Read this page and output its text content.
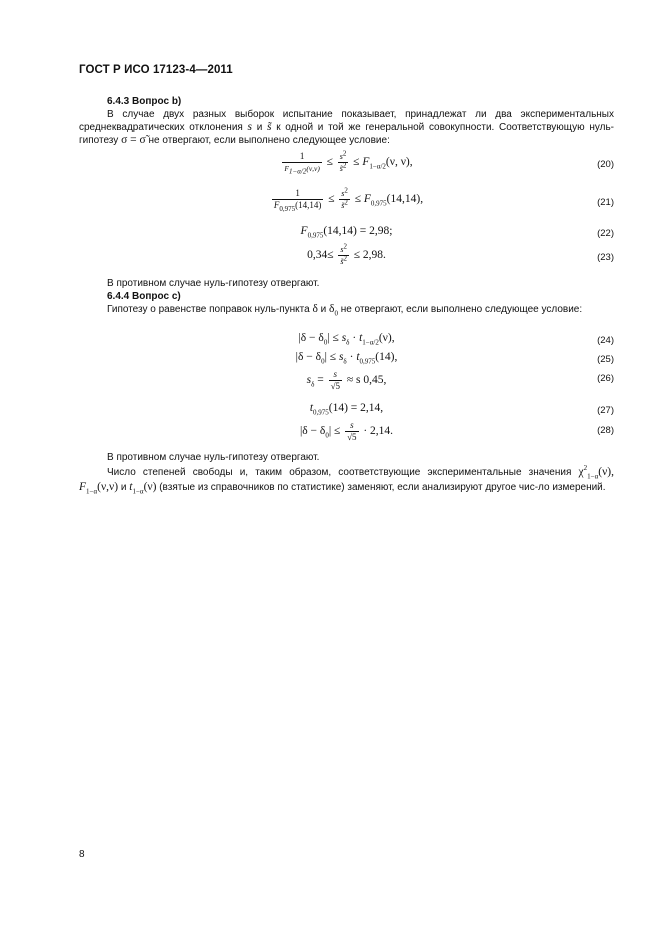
ГОСТ Р ИСО 17123-4—2011
6.4.3 Вопрос b)
В случае двух разных выборок испытание показывает, принадлежат ли два экспериментальных среднеквадратических отклонения s и s̃ к одной и той же генеральной совокупности. Соответствующую нуль-гипотезу σ = σ̃ не отвергают, если выполнено следующее условие:
$\frac{1}{F_{1-\alpha/2}(\nu,\nu)} \le \frac{s^2}{s̃^2} \le F_{1-\alpha/2}(\nu$, ν),	(20)
$\frac{1}{F_{0,975}(14,14)} \le \frac{s^2}{s̃^2} \le F_{0,975}(14,14)$,	(21)
$F_{0,975}(14,14) = 2,98$;	(22)
$0,34\le \frac{s^2}{s̃^2} \le 2,98$.	(23)
В противном случае нуль-гипотезу отвергают.
6.4.4 Вопрос c)
Гипотезу о равенстве поправок нуль-пункта δ и $\delta_0$ не отвергают, если выполнено следующее условие:
$|\delta - \delta_0| \le s_\delta \cdot t_{1-\alpha/2}(\nu)$,	(24)
$|\delta - \delta_0| \le s_\delta \cdot t_{0,975}(14)$,	(25)
$s_\delta = \frac{s}{√5} \approx s$ 0,45,	(26)
$t_{0,975}(14) = 2,14$,	(27)
$|\delta - \delta_0| \le \frac{s}{√5} \cdot 2,14$.	(28)
В противном случае нуль-гипотезу отвергают.
Число степеней свободы и, таким образом, соответствующие экспериментальные значения $\chi^2_{1-\alpha}(\nu)$, $F_{1-\alpha}(\nu,\nu)$ и $t_{1-\alpha}(\nu)$ (взятые из справочников по статистике) заменяют, если анализируют другое чис-ло измерений.
8
